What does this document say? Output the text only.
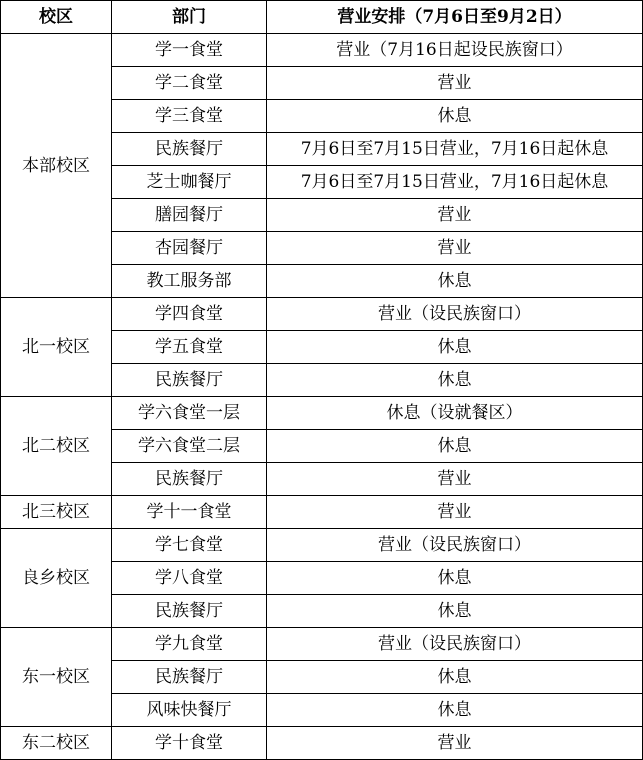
校区	部门	营业安排（7月6日至9月2日）
本部校区	学一食堂	营业（7月16日起设民族窗口）
	学二食堂	营业
	学三食堂	休息
	民族餐厅	7月6日至7月15日营业，7月16日起休息
	芝士咖餐厅	7月6日至7月15日营业，7月16日起休息
	膳园餐厅	营业
	杏园餐厅	营业
	教工服务部	休息
北一校区	学四食堂	营业（设民族窗口）
	学五食堂	休息
	民族餐厅	休息
北二校区	学六食堂一层	休息（设就餐区）
	学六食堂二层	休息
	民族餐厅	营业
北三校区	学十一食堂	营业
良乡校区	学七食堂	营业（设民族窗口）
	学八食堂	休息
	民族餐厅	休息
东一校区	学九食堂	营业（设民族窗口）
	民族餐厅	休息
	风味快餐厅	休息
东二校区	学十食堂	营业
